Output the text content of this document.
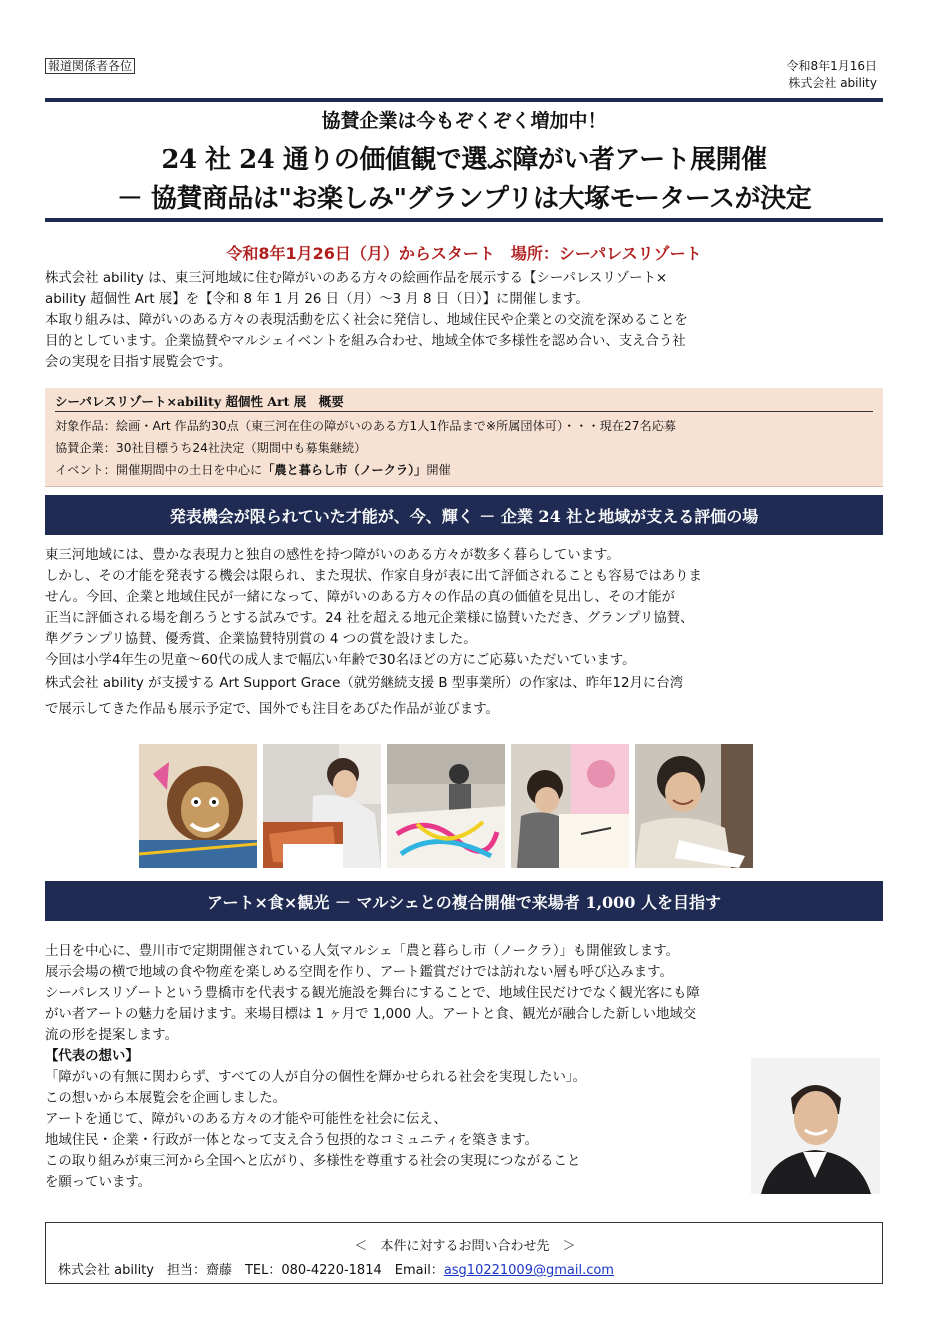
報道関係者各位	令和8年1月16日
株式会社 ability
協賛企業は今もぞくぞく増加中！
24 社 24 通りの価値観で選ぶ障がい者アート展開催
－ 協賛商品は"お楽しみ"グランプリは大塚モータースが決定
令和8年1月26日（月）からスタート　場所：シーパレスリゾート
株式会社 ability は、東三河地域に住む障がいのある方々の絵画作品を展示する【シーパレスリゾート×
ability 超個性 Art 展】を【令和 8 年 1 月 26 日（月）～3 月 8 日（日）】に開催します。
本取り組みは、障がいのある方々の表現活動を広く社会に発信し、地域住民や企業との交流を深めることを
目的としています。企業協賛やマルシェイベントを組み合わせ、地域全体で多様性を認め合い、支え合う社
会の実現を目指す展覧会です。
シーパレスリゾート×ability 超個性 Art 展　概要
対象作品：絵画・Art 作品約30点（東三河在住の障がいのある方1人1作品まで※所属団体可）・・・現在27名応募
協賛企業：30社目標うち24社決定（期間中も募集継続）
イベント：開催期間中の土日を中心に「農と暮らし市（ノークラ）」開催
発表機会が限られていた才能が、今、輝く － 企業 24 社と地域が支える評価の場
東三河地域には、豊かな表現力と独自の感性を持つ障がいのある方々が数多く暮らしています。
しかし、その才能を発表する機会は限られ、また現状、作家自身が表に出て評価されることも容易ではありま
せん。今回、企業と地域住民が一緒になって、障がいのある方々の作品の真の価値を見出し、その才能が
正当に評価される場を創ろうとする試みです。24 社を超える地元企業様に協賛いただき、グランプリ協賛、
準グランプリ協賛、優秀賞、企業協賛特別賞の 4 つの賞を設けました。
今回は小学4年生の児童～60代の成人まで幅広い年齢で30名ほどの方にご応募いただいています。
株式会社 ability が支援する Art Support Grace（就労継続支援 B 型事業所）の作家は、昨年12月に台湾
で展示してきた作品も展示予定で、国外でも注目をあびた作品が並びます。
アート×食×観光 － マルシェとの複合開催で来場者 1,000 人を目指す
土日を中心に、豊川市で定期開催されている人気マルシェ「農と暮らし市（ノークラ）」も開催致します。
展示会場の横で地域の食や物産を楽しめる空間を作り、アート鑑賞だけでは訪れない層も呼び込みます。
シーパレスリゾートという豊橋市を代表する観光施設を舞台にすることで、地域住民だけでなく観光客にも障
がい者アートの魅力を届けます。来場目標は 1 ヶ月で 1,000 人。アートと食、観光が融合した新しい地域交
流の形を提案します。
【代表の想い】
「障がいの有無に関わらず、すべての人が自分の個性を輝かせられる社会を実現したい」。
この想いから本展覧会を企画しました。
アートを通じて、障がいのある方々の才能や可能性を社会に伝え、
地域住民・企業・行政が一体となって支え合う包摂的なコミュニティを築きます。
この取り組みが東三河から全国へと広がり、多様性を尊重する社会の実現につながること
を願っています。
＜　本件に対するお問い合わせ先　＞
株式会社 ability　担当：齋藤　TEL：080-4220-1814　Email：asg10221009@gmail.com
